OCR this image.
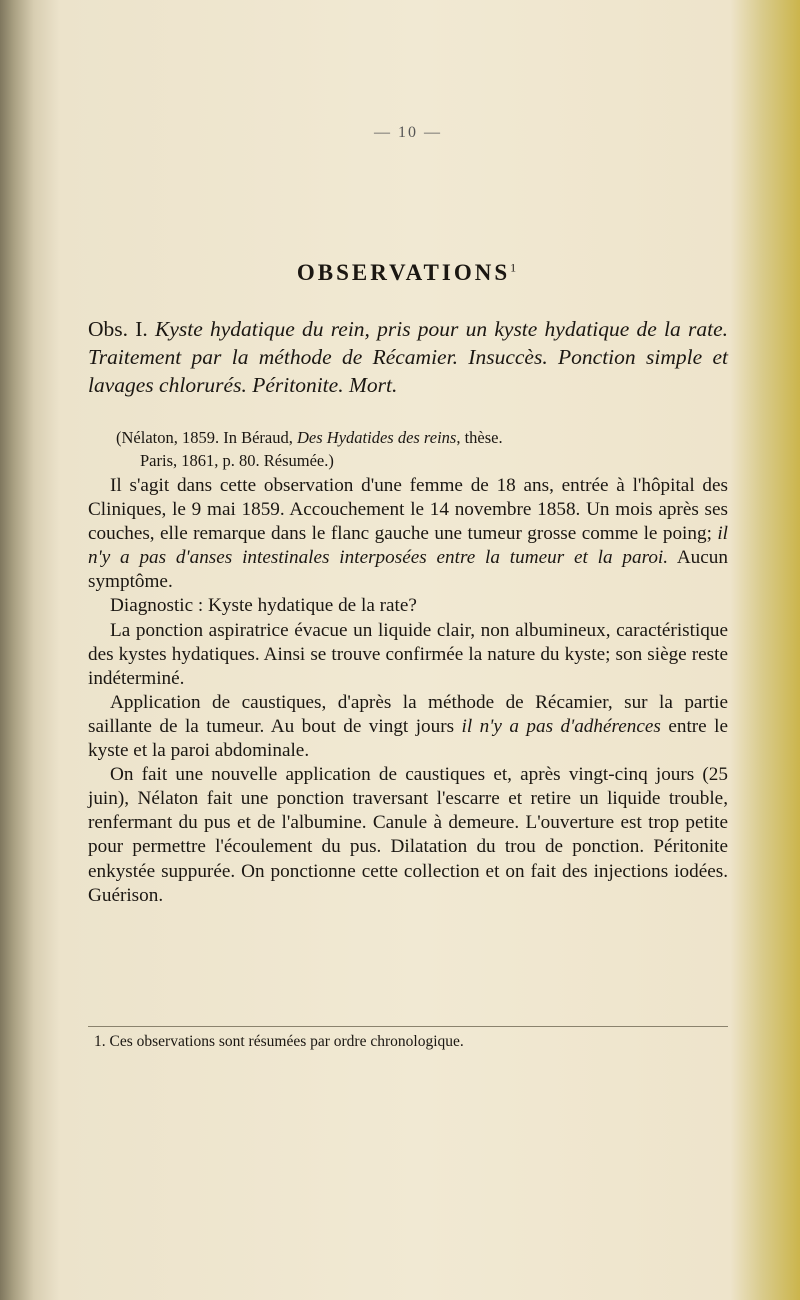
— 10 —
OBSERVATIONS$^1$
Obs. I. Kyste hydatique du rein, pris pour un kyste hydatique de la rate. Traitement par la méthode de Récamier. Insuccès. Ponction simple et lavages chlorurés. Péritonite. Mort.
(Nélaton, 1859. In Béraud, Des Hydatides des reins, thèse.
Paris, 1861, p. 80. Résumée.)

Il s'agit dans cette observation d'une femme de 18 ans, entrée à l'hôpital des Cliniques, le 9 mai 1859. Accouchement le 14 novembre 1858. Un mois après ses couches, elle remarque dans le flanc gauche une tumeur grosse comme le poing; il n'y a pas d'anses intestinales interposées entre la tumeur et la paroi. Aucun symptôme.

Diagnostic : Kyste hydatique de la rate?

La ponction aspiratrice évacue un liquide clair, non albumineux, caractéristique des kystes hydatiques. Ainsi se trouve confirmée la nature du kyste; son siège reste indéterminé.

Application de caustiques, d'après la méthode de Récamier, sur la partie saillante de la tumeur. Au bout de vingt jours il n'y a pas d'adhérences entre le kyste et la paroi abdominale.

On fait une nouvelle application de caustiques et, après vingt-cinq jours (25 juin), Nélaton fait une ponction traversant l'escarre et retire un liquide trouble, renfermant du pus et de l'albumine. Canule à demeure. L'ouverture est trop petite pour permettre l'écoulement du pus. Dilatation du trou de ponction. Péritonite enkystée suppurée. On ponctionne cette collection et on fait des injections iodées. Guérison.

1. Ces observations sont résumées par ordre chronologique.
